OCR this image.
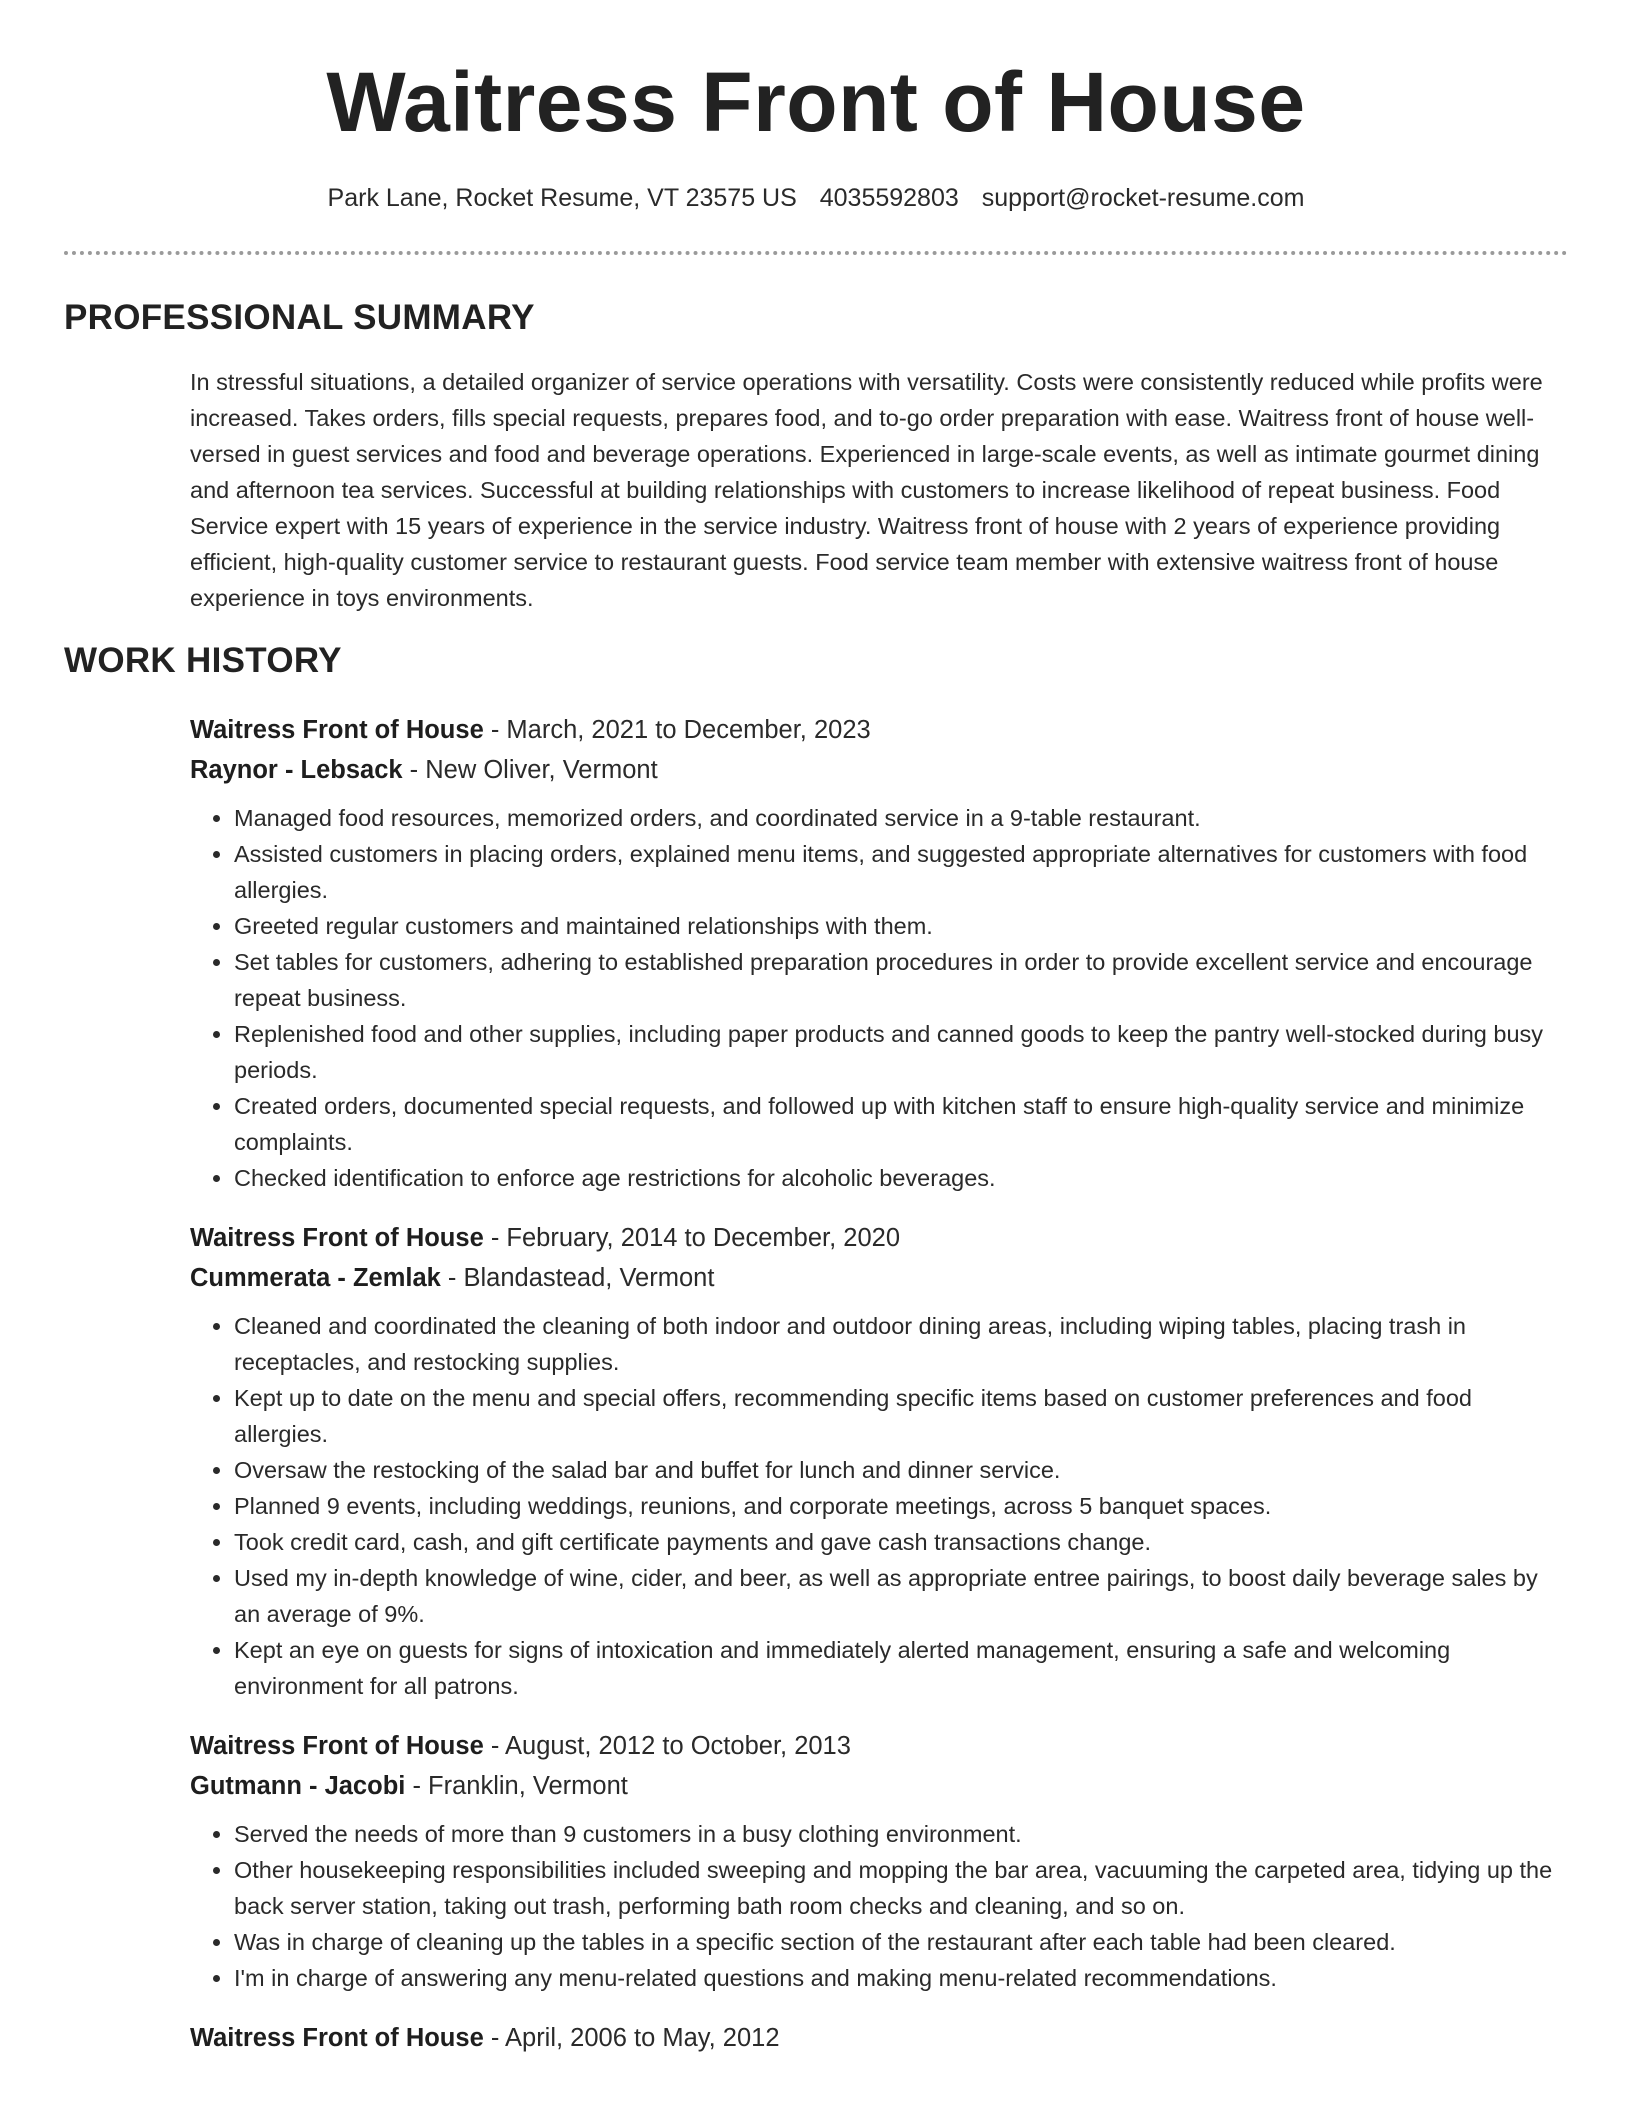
Waitress Front of House
Park Lane, Rocket Resume, VT 23575 US 4035592803 support@rocket-resume.com
PROFESSIONAL SUMMARY

In stressful situations, a detailed organizer of service operations with versatility. Costs were consistently reduced while profits were increased. Takes orders, fills special requests, prepares food, and to-go order preparation with ease. Waitress front of house well-versed in guest services and food and beverage operations. Experienced in large-scale events, as well as intimate gourmet dining and afternoon tea services. Successful at building relationships with customers to increase likelihood of repeat business. Food Service expert with 15 years of experience in the service industry. Waitress front of house with 2 years of experience providing efficient, high-quality customer service to restaurant guests. Food service team member with extensive waitress front of house experience in toys environments.

WORK HISTORY
Waitress Front of House - March, 2021 to December, 2023
Raynor - Lebsack - New Oliver, Vermont
• Managed food resources, memorized orders, and coordinated service in a 9-table restaurant.
• Assisted customers in placing orders, explained menu items, and suggested appropriate alternatives for customers with food allergies.
• Greeted regular customers and maintained relationships with them.
• Set tables for customers, adhering to established preparation procedures in order to provide excellent service and encourage repeat business.
• Replenished food and other supplies, including paper products and canned goods to keep the pantry well-stocked during busy periods.
• Created orders, documented special requests, and followed up with kitchen staff to ensure high-quality service and minimize complaints.
• Checked identification to enforce age restrictions for alcoholic beverages.
Waitress Front of House - February, 2014 to December, 2020
Cummerata - Zemlak - Blandastead, Vermont
• Cleaned and coordinated the cleaning of both indoor and outdoor dining areas, including wiping tables, placing trash in receptacles, and restocking supplies.
• Kept up to date on the menu and special offers, recommending specific items based on customer preferences and food allergies.
• Oversaw the restocking of the salad bar and buffet for lunch and dinner service.
• Planned 9 events, including weddings, reunions, and corporate meetings, across 5 banquet spaces.
• Took credit card, cash, and gift certificate payments and gave cash transactions change.
• Used my in-depth knowledge of wine, cider, and beer, as well as appropriate entree pairings, to boost daily beverage sales by an average of 9%.
• Kept an eye on guests for signs of intoxication and immediately alerted management, ensuring a safe and welcoming environment for all patrons.
Waitress Front of House - August, 2012 to October, 2013
Gutmann - Jacobi - Franklin, Vermont
• Served the needs of more than 9 customers in a busy clothing environment.
• Other housekeeping responsibilities included sweeping and mopping the bar area, vacuuming the carpeted area, tidying up the back server station, taking out trash, performing bath room checks and cleaning, and so on.
• Was in charge of cleaning up the tables in a specific section of the restaurant after each table had been cleared.
• I'm in charge of answering any menu-related questions and making menu-related recommendations.
Waitress Front of House - April, 2006 to May, 2012
